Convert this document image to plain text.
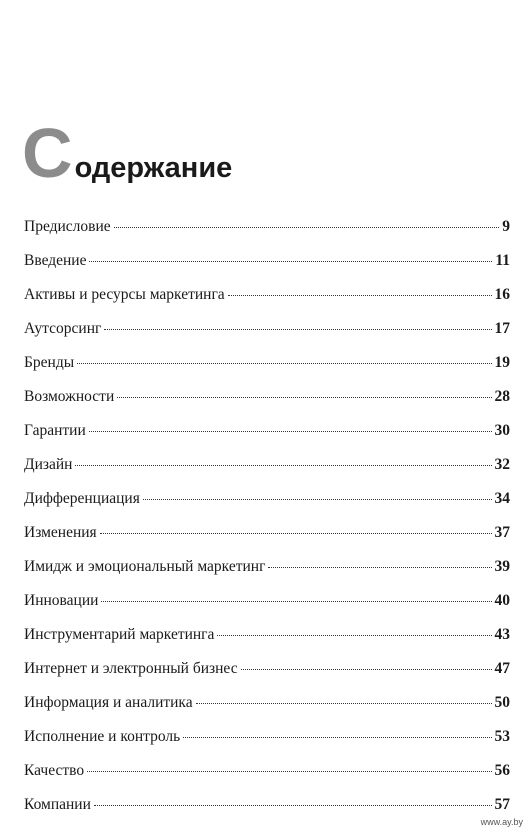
С одержание
Предисловие	9
Введение	11
Активы и ресурсы маркетинга	16
Аутсорсинг	17
Бренды	19
Возможности	28
Гарантии	30
Дизайн	32
Дифференциация	34
Изменения	37
Имидж и эмоциональный маркетинг	39
Инновации	40
Инструментарий маркетинга	43
Интернет и электронный бизнес	47
Информация и аналитика	50
Исполнение и контроль	53
Качество	56
Компании	57
www.ay.by
